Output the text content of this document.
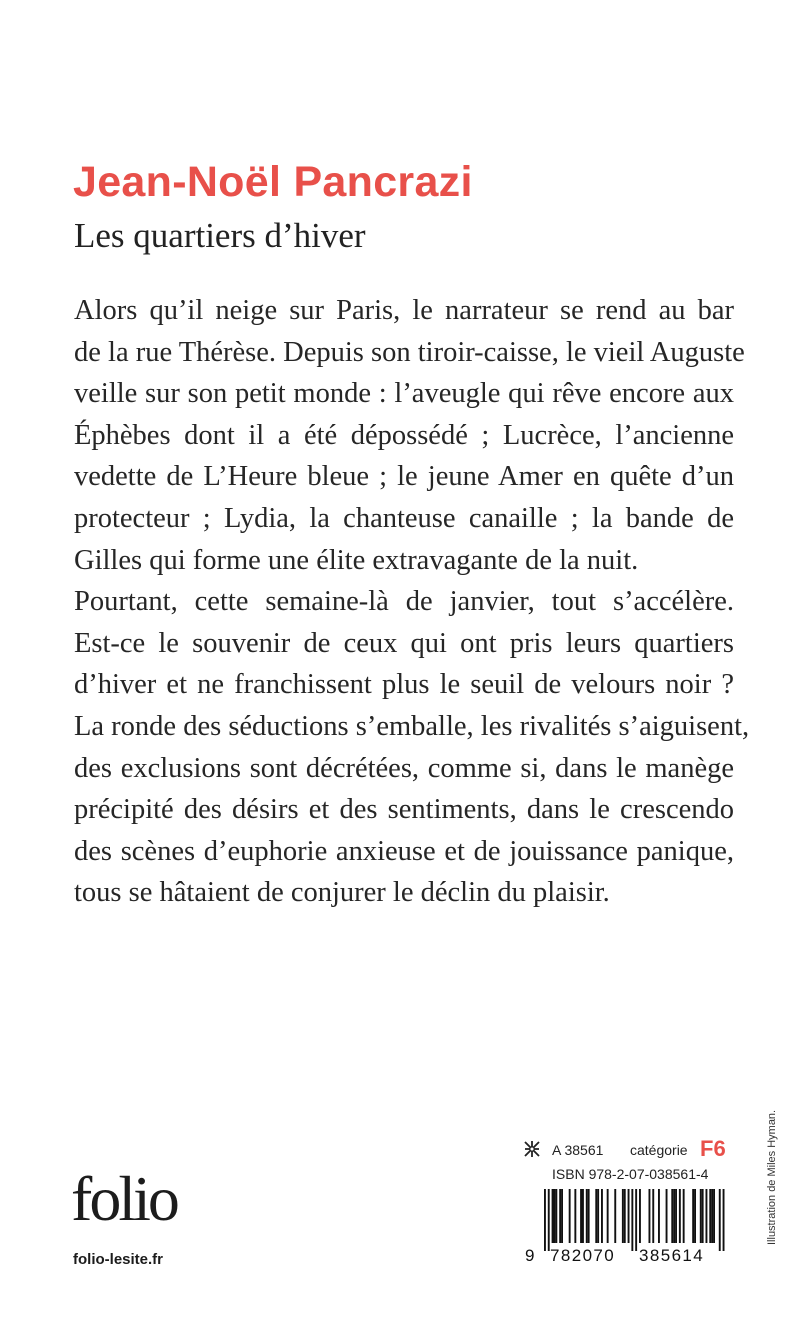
Jean-Noël Pancrazi
Les quartiers d’hiver
Alors qu’il neige sur Paris, le narrateur se rend au bar
de la rue Thérèse. Depuis son tiroir-caisse, le vieil Auguste
veille sur son petit monde : l’aveugle qui rêve encore aux
Éphèbes dont il a été dépossédé ; Lucrèce, l’ancienne
vedette de L’Heure bleue ; le jeune Amer en quête d’un
protecteur ; Lydia, la chanteuse canaille ; la bande de
Gilles qui forme une élite extravagante de la nuit.
Pourtant, cette semaine-là de janvier, tout s’accélère.
Est-ce le souvenir de ceux qui ont pris leurs quartiers
d’hiver et ne franchissent plus le seuil de velours noir ?
La ronde des séductions s’emballe, les rivalités s’aiguisent,
des exclusions sont décrétées, comme si, dans le manège
précipité des désirs et des sentiments, dans le crescendo
des scènes d’euphorie anxieuse et de jouissance panique,
tous se hâtaient de conjurer le déclin du plaisir.
Illustration de Miles Hyman.
folio
folio-lesite.fr
A 38561 catégorie F6
ISBN 978-2-07-038561-4
9 782070	385614
